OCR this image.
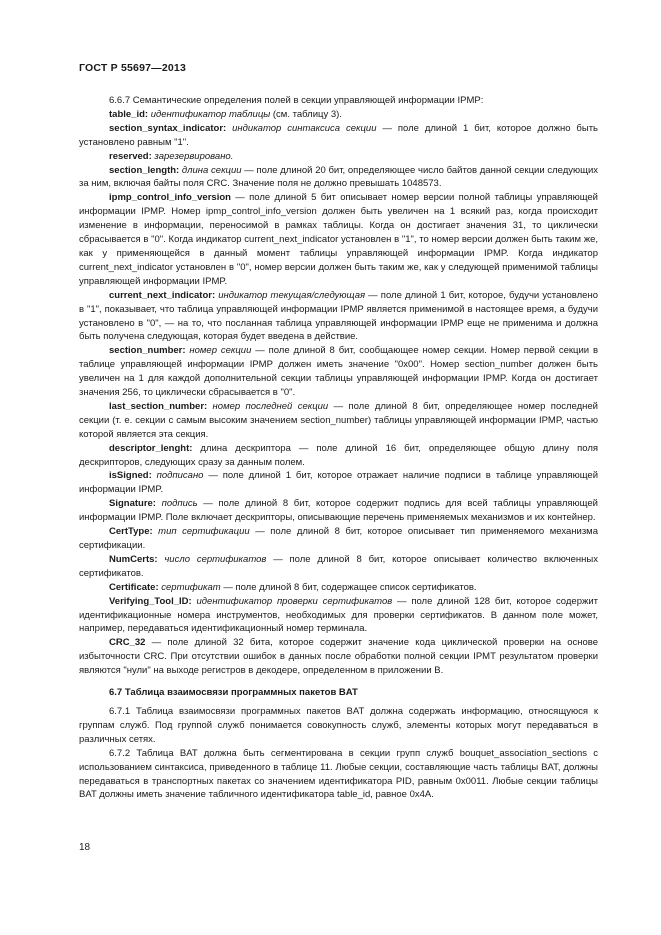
ГОСТ Р 55697—2013

6.6.7 Семантические определения полей в секции управляющей информации IPMP:

table_id: идентификатор таблицы (см. таблицу 3).

section_syntax_indicator: индикатор синтаксиса секции — поле длиной 1 бит, которое должно быть установлено равным "1".

reserved: зарезервировано.

section_length: длина секции — поле длиной 20 бит, определяющее число байтов данной секции следующих за ним, включая байты поля CRC. Значение поля не должно превышать 1048573.

ipmp_control_info_version — поле длиной 5 бит описывает номер версии полной таблицы управляющей информации IPMP. Номер ipmp_control_info_version должен быть увеличен на 1 всякий раз, когда происходит изменение в информации, переносимой в рамках таблицы. Когда он достигает значения 31, то циклически сбрасывается в "0". Когда индикатор current_next_indicator установлен в "1", то номер версии должен быть таким же, как у применяющейся в данный момент таблицы управляющей информации IPMP. Когда индикатор current_next_indicator установлен в "0", номер версии должен быть таким же, как у следующей применимой таблицы управляющей информации IPMP.

current_next_indicator: индикатор текущая/следующая — поле длиной 1 бит, которое, будучи установлено в "1", показывает, что таблица управляющей информации IPMP является применимой в настоящее время, а будучи установлено в "0", — на то, что посланная таблица управляющей информации IPMP еще не применима и должна быть получена следующая, которая будет введена в действие.

section_number: номер секции — поле длиной 8 бит, сообщающее номер секции. Номер первой секции в таблице управляющей информации IPMP должен иметь значение "0x00". Номер section_number должен быть увеличен на 1 для каждой дополнительной секции таблицы управляющей информации IPMP. Когда он достигает значения 256, то циклически сбрасывается в "0".

last_section_number: номер последней секции — поле длиной 8 бит, определяющее номер последней секции (т. е. секции с самым высоким значением section_number) таблицы управляющей информации IPMP, частью которой является эта секция.

descriptor_lenght: длина дескриптора — поле длиной 16 бит, определяющее общую длину поля дескрипторов, следующих сразу за данным полем.

isSigned: подписано — поле длиной 1 бит, которое отражает наличие подписи в таблице управляющей информации IPMP.

Signature: подпись — поле длиной 8 бит, которое содержит подпись для всей таблицы управляющей информации IPMP. Поле включает дескрипторы, описывающие перечень применяемых механизмов и их контейнер.

CertType: тип сертификации — поле длиной 8 бит, которое описывает тип применяемого механизма сертификации.

NumCerts: число сертификатов — поле длиной 8 бит, которое описывает количество включенных сертификатов.

Certificate: сертификат — поле длиной 8 бит, содержащее список сертификатов.

Verifying_Tool_ID: идентификатор проверки сертификатов — поле длиной 128 бит, которое содержит идентификационные номера инструментов, необходимых для проверки сертификатов. В данном поле может, например, передаваться идентификационный номер терминала.

CRC_32 — поле длиной 32 бита, которое содержит значение кода циклической проверки на основе избыточности CRC. При отсутствии ошибок в данных после обработки полной секции IPMT результатом проверки являются "нули" на выходе регистров в декодере, определенном в приложении В.

6.7 Таблица взаимосвязи программных пакетов BAT

6.7.1 Таблица взаимосвязи программных пакетов BAT должна содержать информацию, относящуюся к группам служб. Под группой служб понимается совокупность служб, элементы которых могут передаваться в различных сетях.

6.7.2 Таблица BAT должна быть сегментирована в секции групп служб bouquet_association_sections с использованием синтаксиса, приведенного в таблице 11. Любые секции, составляющие часть таблицы BAT, должны передаваться в транспортных пакетах со значением идентификатора PID, равным 0x0011. Любые секции таблицы BAT должны иметь значение табличного идентификатора table_id, равное 0x4A.

18
